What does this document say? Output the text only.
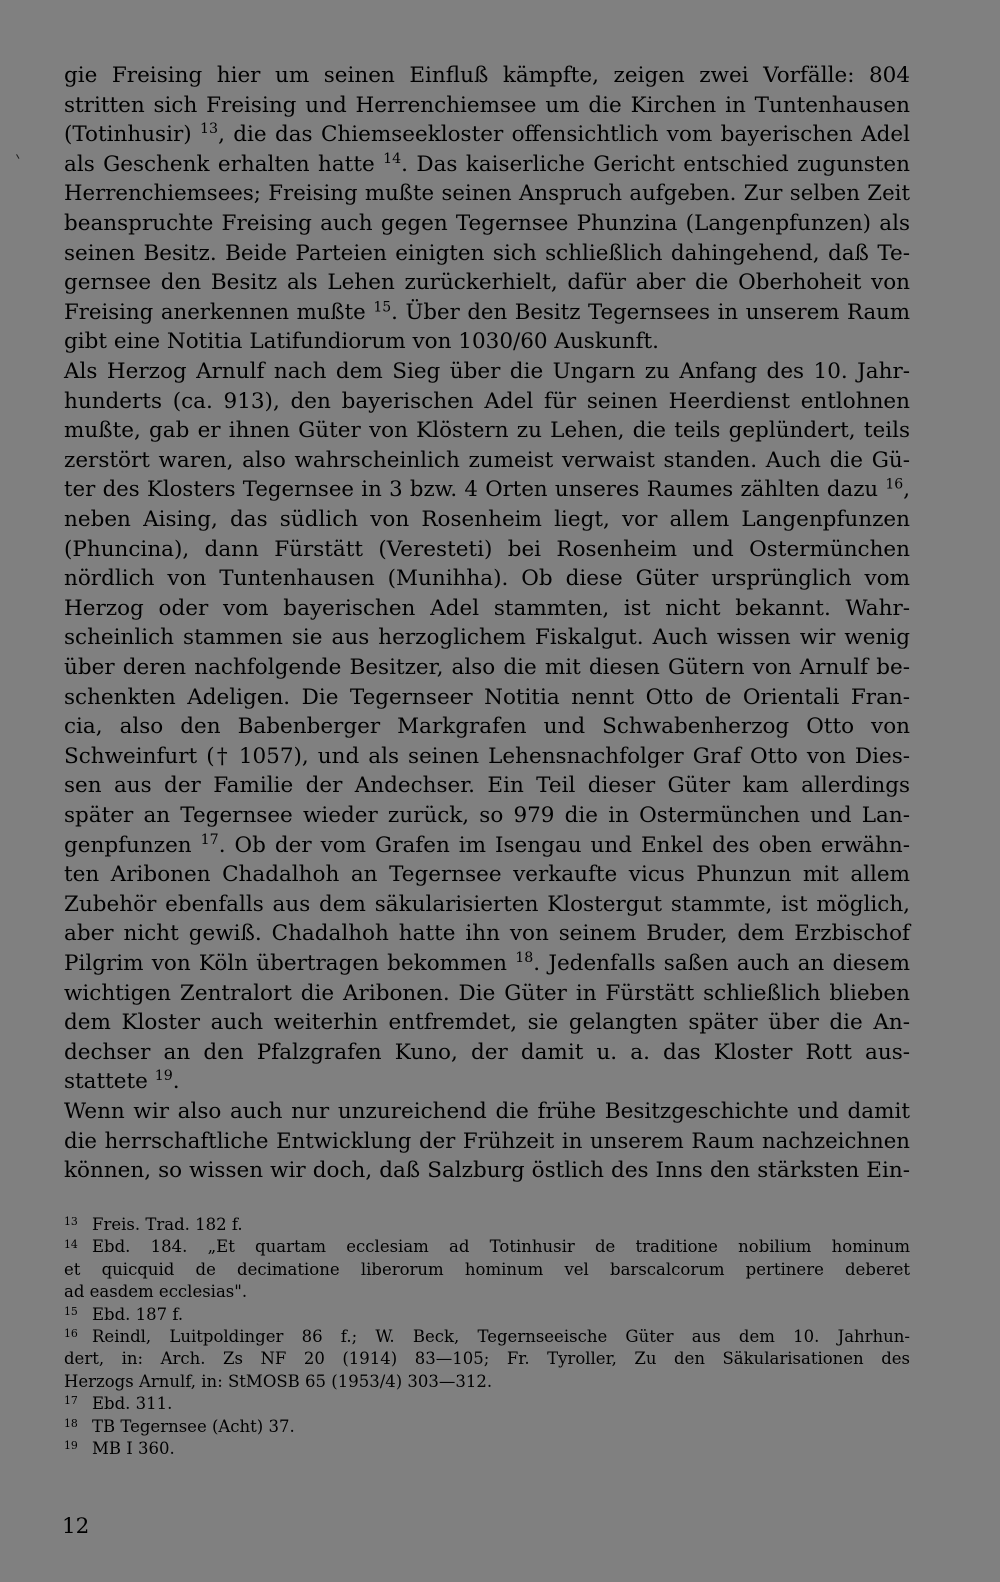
gie Freising hier um seinen Einfluß kämpfte, zeigen zwei Vorfälle: 804
stritten sich Freising und Herrenchiemsee um die Kirchen in Tuntenhausen
(Totinhusir) $^{13}$, die das Chiemseekloster offensichtlich vom bayerischen Adel
als Geschenk erhalten hatte $^{14}$. Das kaiserliche Gericht entschied zugunsten
Herrenchiemsees; Freising mußte seinen Anspruch aufgeben. Zur selben Zeit
beanspruchte Freising auch gegen Tegernsee Phunzina (Langenpfunzen) als
seinen Besitz. Beide Parteien einigten sich schließlich dahingehend, daß Te-
gernsee den Besitz als Lehen zurückerhielt, dafür aber die Oberhoheit von
Freising anerkennen mußte $^{15}$. Über den Besitz Tegernsees in unserem Raum
gibt eine Notitia Latifundiorum von 1030/60 Auskunft.
Als Herzog Arnulf nach dem Sieg über die Ungarn zu Anfang des 10. Jahr-
hunderts (ca. 913), den bayerischen Adel für seinen Heerdienst entlohnen
mußte, gab er ihnen Güter von Klöstern zu Lehen, die teils geplündert, teils
zerstört waren, also wahrscheinlich zumeist verwaist standen. Auch die Gü-
ter des Klosters Tegernsee in 3 bzw. 4 Orten unseres Raumes zählten dazu $^{16}$,
neben Aising, das südlich von Rosenheim liegt, vor allem Langenpfunzen
(Phuncina), dann Fürstätt (Veresteti) bei Rosenheim und Ostermünchen
nördlich von Tuntenhausen (Munihha). Ob diese Güter ursprünglich vom
Herzog oder vom bayerischen Adel stammten, ist nicht bekannt. Wahr-
scheinlich stammen sie aus herzoglichem Fiskalgut. Auch wissen wir wenig
über deren nachfolgende Besitzer, also die mit diesen Gütern von Arnulf be-
schenkten Adeligen. Die Tegernseer Notitia nennt Otto de Orientali Fran-
cia, also den Babenberger Markgrafen und Schwabenherzog Otto von
Schweinfurt († 1057), und als seinen Lehensnachfolger Graf Otto von Dies-
sen aus der Familie der Andechser. Ein Teil dieser Güter kam allerdings
später an Tegernsee wieder zurück, so 979 die in Ostermünchen und Lan-
genpfunzen $^{17}$. Ob der vom Grafen im Isengau und Enkel des oben erwähn-
ten Aribonen Chadalhoh an Tegernsee verkaufte vicus Phunzun mit allem
Zubehör ebenfalls aus dem säkularisierten Klostergut stammte, ist möglich,
aber nicht gewiß. Chadalhoh hatte ihn von seinem Bruder, dem Erzbischof
Pilgrim von Köln übertragen bekommen $^{18}$. Jedenfalls saßen auch an diesem
wichtigen Zentralort die Aribonen. Die Güter in Fürstätt schließlich blieben
dem Kloster auch weiterhin entfremdet, sie gelangten später über die An-
dechser an den Pfalzgrafen Kuno, der damit u. a. das Kloster Rott aus-
stattete $^{19}$.
Wenn wir also auch nur unzureichend die frühe Besitzgeschichte und damit
die herrschaftliche Entwicklung der Frühzeit in unserem Raum nachzeichnen
können, so wissen wir doch, daß Salzburg östlich des Inns den stärksten Ein-
13 Freis. Trad. 182 f.
14 Ebd. 184. „Et quartam ecclesiam ad Totinhusir de traditione nobilium hominum
et quicquid de decimatione liberorum hominum vel barscalcorum pertinere deberet
ad easdem ecclesias".
15 Ebd. 187 f.
16 Reindl, Luitpoldinger 86 f.; W. Beck, Tegernseeische Güter aus dem 10. Jahrhun-
dert, in: Arch. Zs NF 20 (1914) 83—105; Fr. Tyroller, Zu den Säkularisationen des
Herzogs Arnulf, in: StMOSB 65 (1953/4) 303—312.
17 Ebd. 311.
18 TB Tegernsee (Acht) 37.
19 MB I 360.
12
